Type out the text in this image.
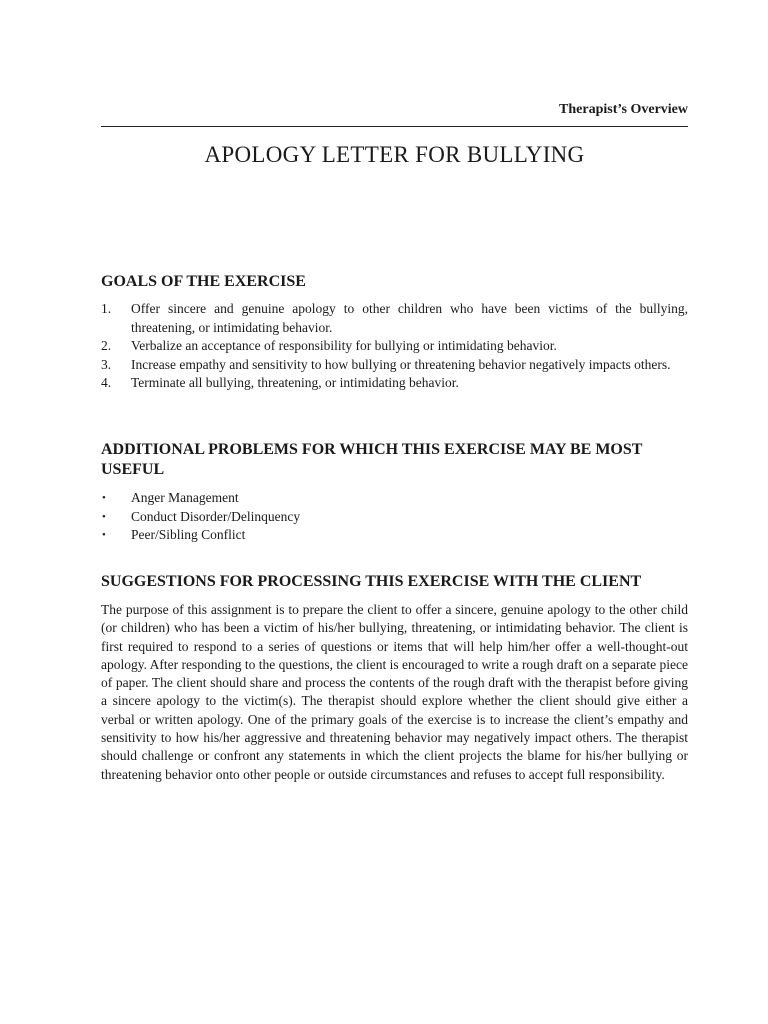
Therapist’s Overview
APOLOGY LETTER FOR BULLYING
GOALS OF THE EXERCISE
1. Offer sincere and genuine apology to other children who have been victims of the bullying, threatening, or intimidating behavior.
2. Verbalize an acceptance of responsibility for bullying or intimidating behavior.
3. Increase empathy and sensitivity to how bullying or threatening behavior negatively impacts others.
4. Terminate all bullying, threatening, or intimidating behavior.
ADDITIONAL PROBLEMS FOR WHICH THIS EXERCISE MAY BE MOST USEFUL
• Anger Management
• Conduct Disorder/Delinquency
• Peer/Sibling Conflict
SUGGESTIONS FOR PROCESSING THIS EXERCISE WITH THE CLIENT

The purpose of this assignment is to prepare the client to offer a sincere, genuine apology to the other child (or children) who has been a victim of his/her bullying, threatening, or intimidating behavior. The client is first required to respond to a series of questions or items that will help him/her offer a well-thought-out apology. After responding to the questions, the client is encouraged to write a rough draft on a separate piece of paper. The client should share and process the contents of the rough draft with the therapist before giving a sincere apology to the victim(s). The therapist should explore whether the client should give either a verbal or written apology. One of the primary goals of the exercise is to increase the client’s empathy and sensitivity to how his/her aggressive and threatening behavior may negatively impact others. The therapist should challenge or confront any statements in which the client projects the blame for his/her bullying or threatening behavior onto other people or outside circumstances and refuses to accept full responsibility.
